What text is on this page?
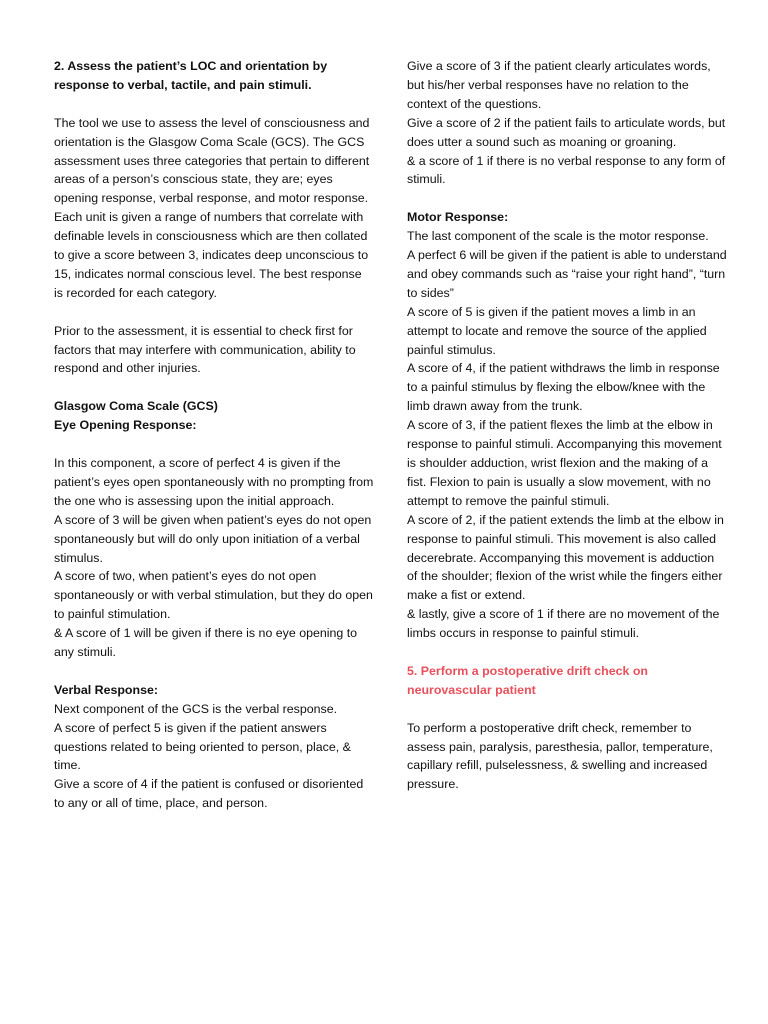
2. Assess the patient’s LOC and orientation by response to verbal, tactile, and pain stimuli.

The tool we use to assess the level of consciousness and orientation is the Glasgow Coma Scale (GCS). The GCS assessment uses three categories that pertain to different areas of a person’s conscious state, they are; eyes opening response, verbal response, and motor response. Each unit is given a range of numbers that correlate with definable levels in consciousness which are then collated to give a score between 3, indicates deep unconscious to 15, indicates normal conscious level. The best response is recorded for each category.

Prior to the assessment, it is essential to check first for factors that may interfere with communication, ability to respond and other injuries.

Glasgow Coma Scale (GCS)

Eye Opening Response:

In this component, a score of perfect 4 is given if the patient’s eyes open spontaneously with no prompting from the one who is assessing upon the initial approach.

A score of 3 will be given when patient’s eyes do not open spontaneously but will do only upon initiation of a verbal stimulus.

A score of two, when patient’s eyes do not open spontaneously or with verbal stimulation, but they do open to painful stimulation.

& A score of 1 will be given if there is no eye opening to any stimuli.

Verbal Response:

Next component of the GCS is the verbal response.

A score of perfect 5 is given if the patient answers questions related to being oriented to person, place, & time.

Give a score of 4 if the patient is confused or disoriented to any or all of time, place, and person.

Give a score of 3 if the patient clearly articulates words, but his/her verbal responses have no relation to the context of the questions.

Give a score of 2 if the patient fails to articulate words, but does utter a sound such as moaning or groaning.

& a score of 1 if there is no verbal response to any form of stimuli.

Motor Response:

The last component of the scale is the motor response.

A perfect 6 will be given if the patient is able to understand and obey commands such as “raise your right hand”, “turn to sides”

A score of 5 is given if the patient moves a limb in an attempt to locate and remove the source of the applied painful stimulus.

A score of 4, if the patient withdraws the limb in response to a painful stimulus by flexing the elbow/knee with the limb drawn away from the trunk.

A score of 3, if the patient flexes the limb at the elbow in response to painful stimuli. Accompanying this movement is shoulder adduction, wrist flexion and the making of a fist. Flexion to pain is usually a slow movement, with no attempt to remove the painful stimuli.

A score of 2, if the patient extends the limb at the elbow in response to painful stimuli. This movement is also called decerebrate. Accompanying this movement is adduction of the shoulder; flexion of the wrist while the fingers either make a fist or extend.

& lastly, give a score of 1 if there are no movement of the limbs occurs in response to painful stimuli.

5. Perform a postoperative drift check on neurovascular patient

To perform a postoperative drift check, remember to assess pain, paralysis, paresthesia, pallor, temperature, capillary refill, pulselessness, & swelling and increased pressure.
